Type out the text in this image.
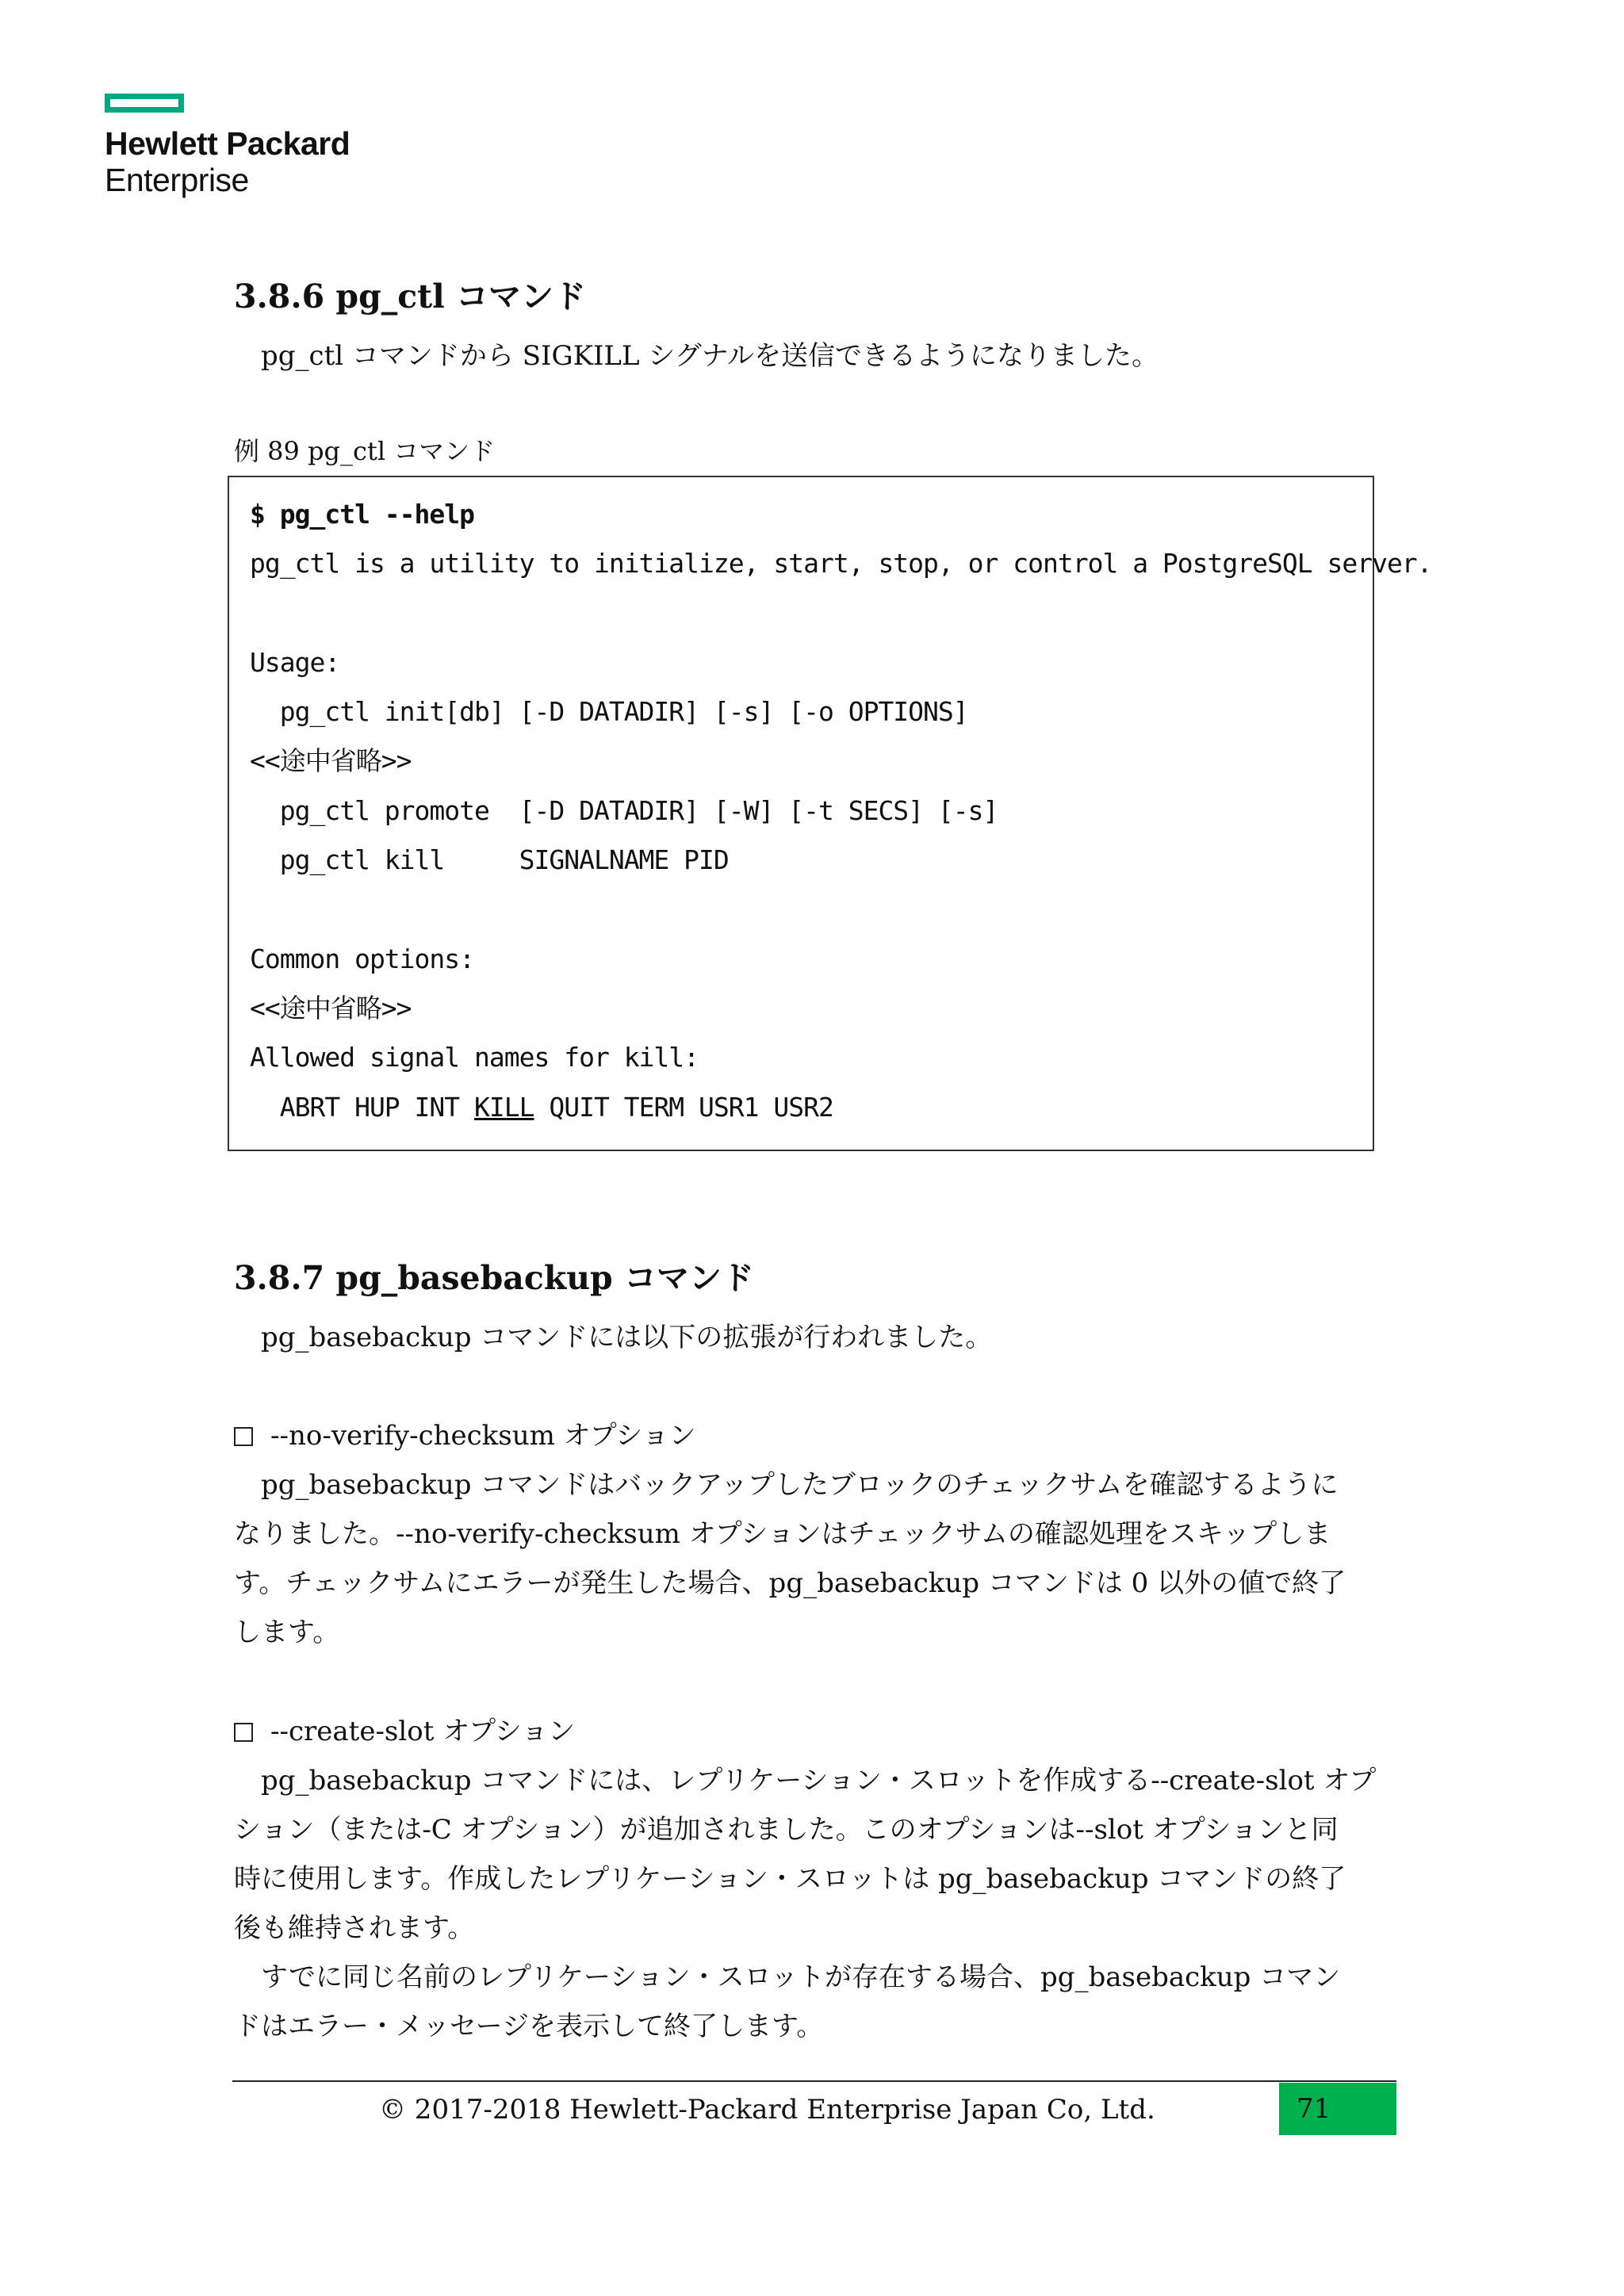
Hewlett Packard
Enterprise
3.8.6 pg_ctl コマンド
pg_ctl コマンドから SIGKILL シグナルを送信できるようになりました。
例 89 pg_ctl コマンド
$ pg_ctl --help
pg_ctl is a utility to initialize, start, stop, or control a PostgreSQL server.
Usage:
pg_ctl init[db] [-D DATADIR] [-s] [-o OPTIONS]
<<途中省略>>
pg_ctl promote  [-D DATADIR] [-W] [-t SECS] [-s]
pg_ctl kill     SIGNALNAME PID
Common options:
<<途中省略>>
Allowed signal names for kill:
ABRT HUP INT KILL QUIT TERM USR1 USR2
3.8.7 pg_basebackup コマンド
pg_basebackup コマンドには以下の拡張が行われました。
--no-verify-checksum オプション
pg_basebackup コマンドはバックアップしたブロックのチェックサムを確認するように
なりました。--no-verify-checksum オプションはチェックサムの確認処理をスキップしま
す。チェックサムにエラーが発生した場合、pg_basebackup コマンドは 0 以外の値で終了
します。
--create-slot オプション
pg_basebackup コマンドには、レプリケーション・スロットを作成する--create-slot オプ
ション（または-C オプション）が追加されました。このオプションは--slot オプションと同
時に使用します。作成したレプリケーション・スロットは pg_basebackup コマンドの終了
後も維持されます。
すでに同じ名前のレプリケーション・スロットが存在する場合、pg_basebackup コマン
ドはエラー・メッセージを表示して終了します。
© 2017-2018 Hewlett-Packard Enterprise Japan Co, Ltd.	71
